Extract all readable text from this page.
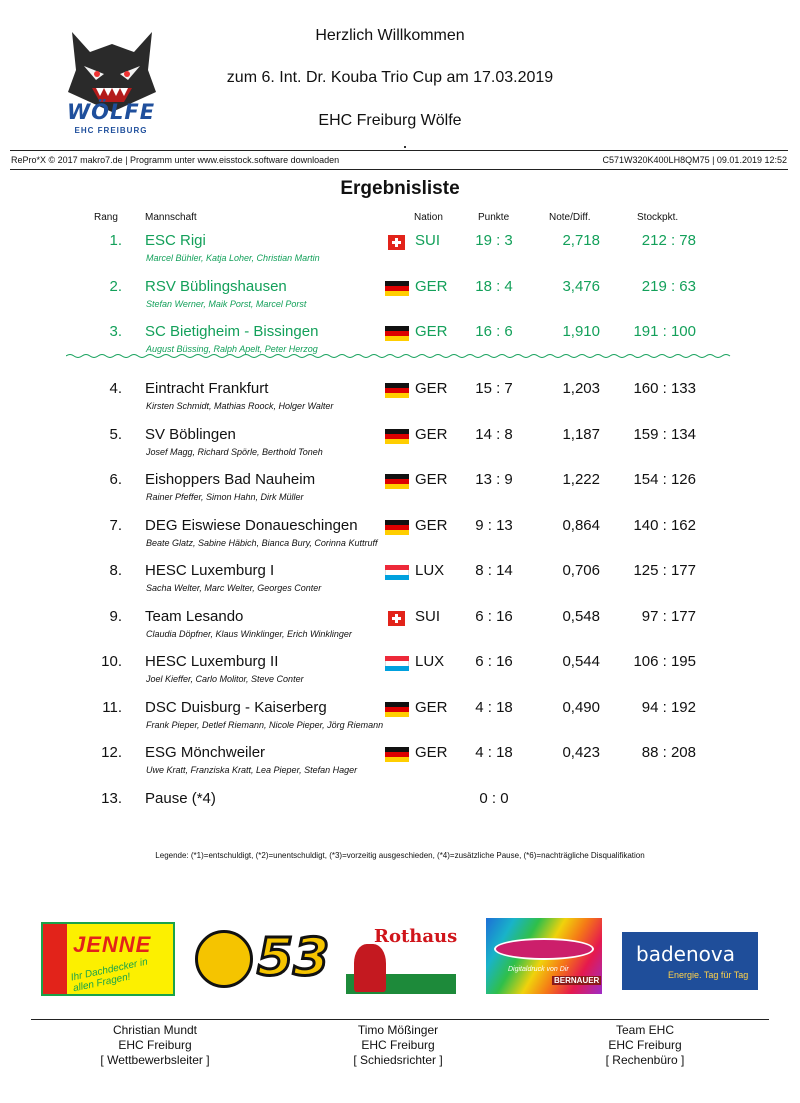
WÖLFE
EHC FREIBURG
Herzlich Willkommen
zum 6. Int. Dr. Kouba Trio Cup am 17.03.2019
EHC Freiburg Wölfe
RePro*X © 2017 makro7.de | Programm unter www.eisstock.software downloaden	C571W320K400LH8QM75 | 09.01.2019 12:52
Ergebnisliste
Rang	Mannschaft	Nation	Punkte	Note/Diff.	Stockpkt.
1. ESC Rigi
Marcel Bühler, Katja Loher, Christian Martin
SUI	19 : 3	2,718	212 : 78
2. RSV Büblingshausen
Stefan Werner, Maik Porst, Marcel Porst
GER	18 : 4	3,476	219 : 63
3. SC Bietigheim - Bissingen
August Büssing, Ralph Apelt, Peter Herzog
GER	16 : 6	1,910	191 : 100
4. Eintracht Frankfurt
Kirsten Schmidt, Mathias Roock, Holger Walter
GER	15 : 7	1,203	160 : 133
5. SV Böblingen
Josef Magg, Richard Spörle, Berthold Toneh
GER	14 : 8	1,187	159 : 134
6. Eishoppers Bad Nauheim
Rainer Pfeffer, Simon Hahn, Dirk Müller
GER	13 : 9	1,222	154 : 126
7. DEG Eiswiese Donaueschingen
Beate Glatz, Sabine Häbich, Bianca Bury, Corinna Kuttruff
GER	9 : 13	0,864	140 : 162
8. HESC Luxemburg I
Sacha Welter, Marc Welter, Georges Conter
LUX	8 : 14	0,706	125 : 177
9. Team Lesando
Claudia Döpfner, Klaus Winklinger, Erich Winklinger
SUI	6 : 16	0,548	97 : 177
10. HESC Luxemburg II
Joel Kieffer, Carlo Molitor, Steve Conter
LUX	6 : 16	0,544	106 : 195
11. DSC Duisburg - Kaiserberg
Frank Pieper, Detlef Riemann, Nicole Pieper, Jörg Riemann
GER	4 : 18	0,490	94 : 192
12. ESG Mönchweiler
Uwe Kratt, Franziska Kratt, Lea Pieper, Stefan Hager
GER	4 : 18	0,423	88 : 208
13. Pause (*4)	0 : 0
Legende: (*1)=entschuldigt, (*2)=unentschuldigt, (*3)=vorzeitig ausgeschieden, (*4)=zusätzliche Pause, (*6)=nachträgliche Disqualifikation
JENNE
Ihr Dachdecker in allen Fragen!	53 Rothaus
Digitaldruck von Dir
BERNAUER
badenova
Energie. Tag für Tag
Christian Mundt
EHC Freiburg
[ Wettbewerbsleiter ]
Timo Mößinger
EHC Freiburg
[ Schiedsrichter ]
Team EHC
EHC Freiburg
[ Rechenbüro ]
